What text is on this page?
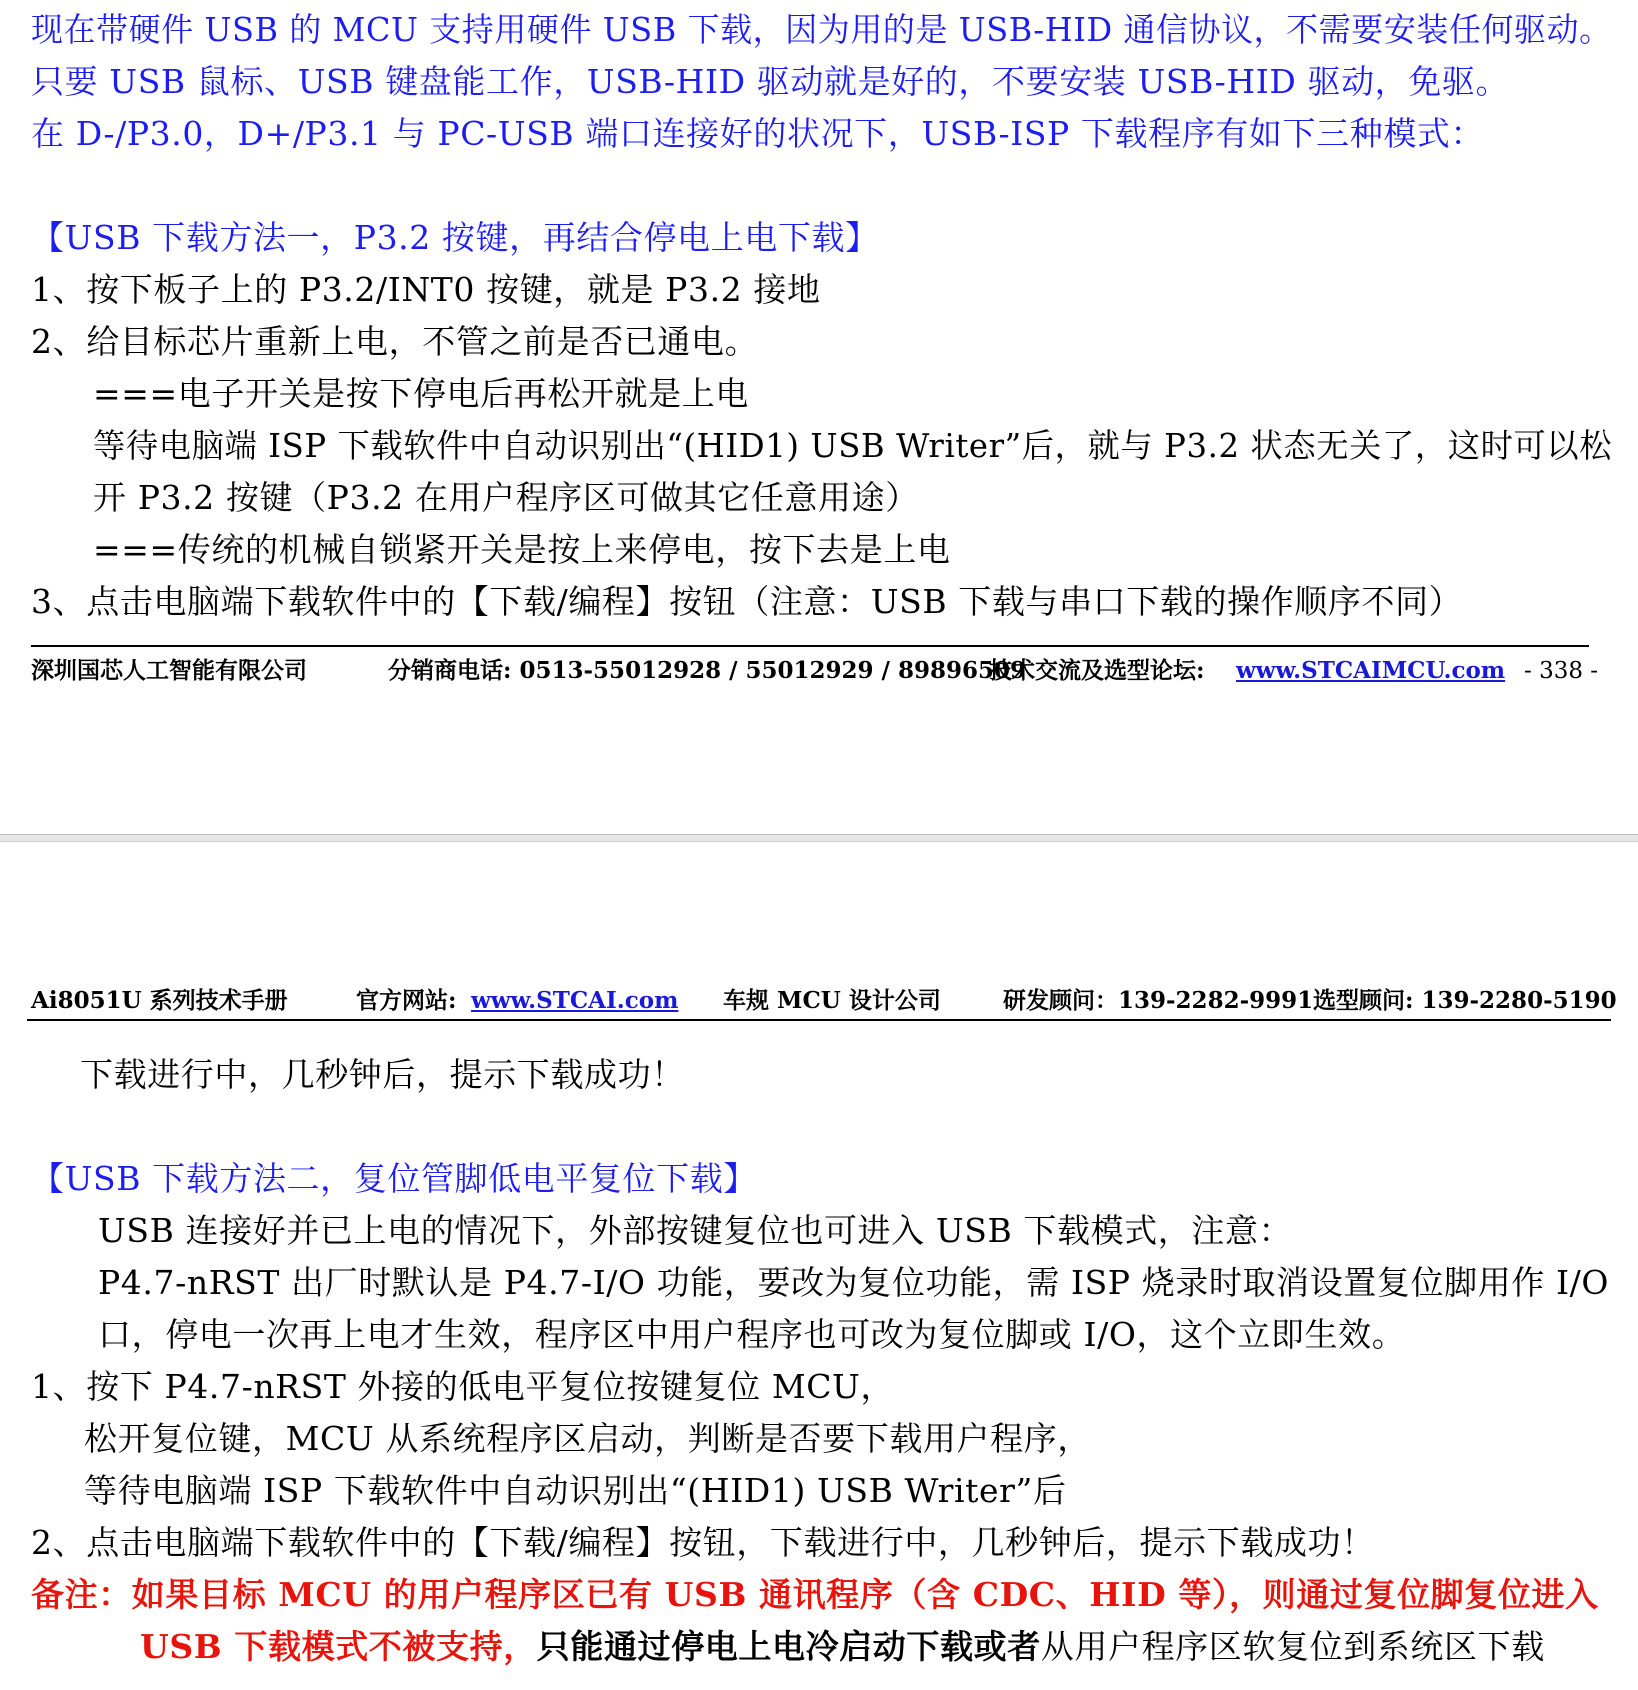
现在带硬件 USB 的 MCU 支持用硬件 USB 下载，因为用的是 USB-HID 通信协议，不需要安装任何驱动。
只要 USB 鼠标、USB 键盘能工作，USB-HID 驱动就是好的，不要安装 USB-HID 驱动，免驱。
在 D-/P3.0，D+/P3.1 与 PC-USB 端口连接好的状况下，USB-ISP 下载程序有如下三种模式：
【USB 下载方法一，P3.2 按键，再结合停电上电下载】
1、按下板子上的 P3.2/INT0 按键，就是 P3.2 接地
2、给目标芯片重新上电，不管之前是否已通电。
===电子开关是按下停电后再松开就是上电
等待电脑端 ISP 下载软件中自动识别出“(HID1) USB Writer”后，就与 P3.2 状态无关了，这时可以松
开 P3.2 按键（P3.2 在用户程序区可做其它任意用途）
===传统的机械自锁紧开关是按上来停电，按下去是上电
3、点击电脑端下载软件中的【下载/编程】按钮（注意：USB 下载与串口下载的操作顺序不同）
深圳国芯人工智能有限公司	分销商电话: 0513-55012928 / 55012929 / 89896509
技术交流及选型论坛: www.STCAIMCU.com - 338 -
Ai8051U 系列技术手册	官方网站: www.STCAI.com 车规 MCU 设计公司	研发顾问：139-2282-9991 选型顾问: 139-2280-5190
下载进行中，几秒钟后，提示下载成功！
【USB 下载方法二，复位管脚低电平复位下载】
USB 连接好并已上电的情况下，外部按键复位也可进入 USB 下载模式，注意：
P4.7-nRST 出厂时默认是 P4.7-I/O 功能，要改为复位功能，需 ISP 烧录时取消设置复位脚用作 I/O
口，停电一次再上电才生效，程序区中用户程序也可改为复位脚或 I/O，这个立即生效。
1、按下 P4.7-nRST 外接的低电平复位按键复位 MCU，
松开复位键，MCU 从系统程序区启动，判断是否要下载用户程序，
等待电脑端 ISP 下载软件中自动识别出“(HID1) USB Writer”后
2、点击电脑端下载软件中的【下载/编程】按钮，下载进行中，几秒钟后，提示下载成功！
备注：如果目标 MCU 的用户程序区已有 USB 通讯程序（含 CDC、HID 等），则通过复位脚复位进入
USB 下载模式不被支持，只能通过停电上电冷启动下载或者从用户程序区软复位到系统区下载
